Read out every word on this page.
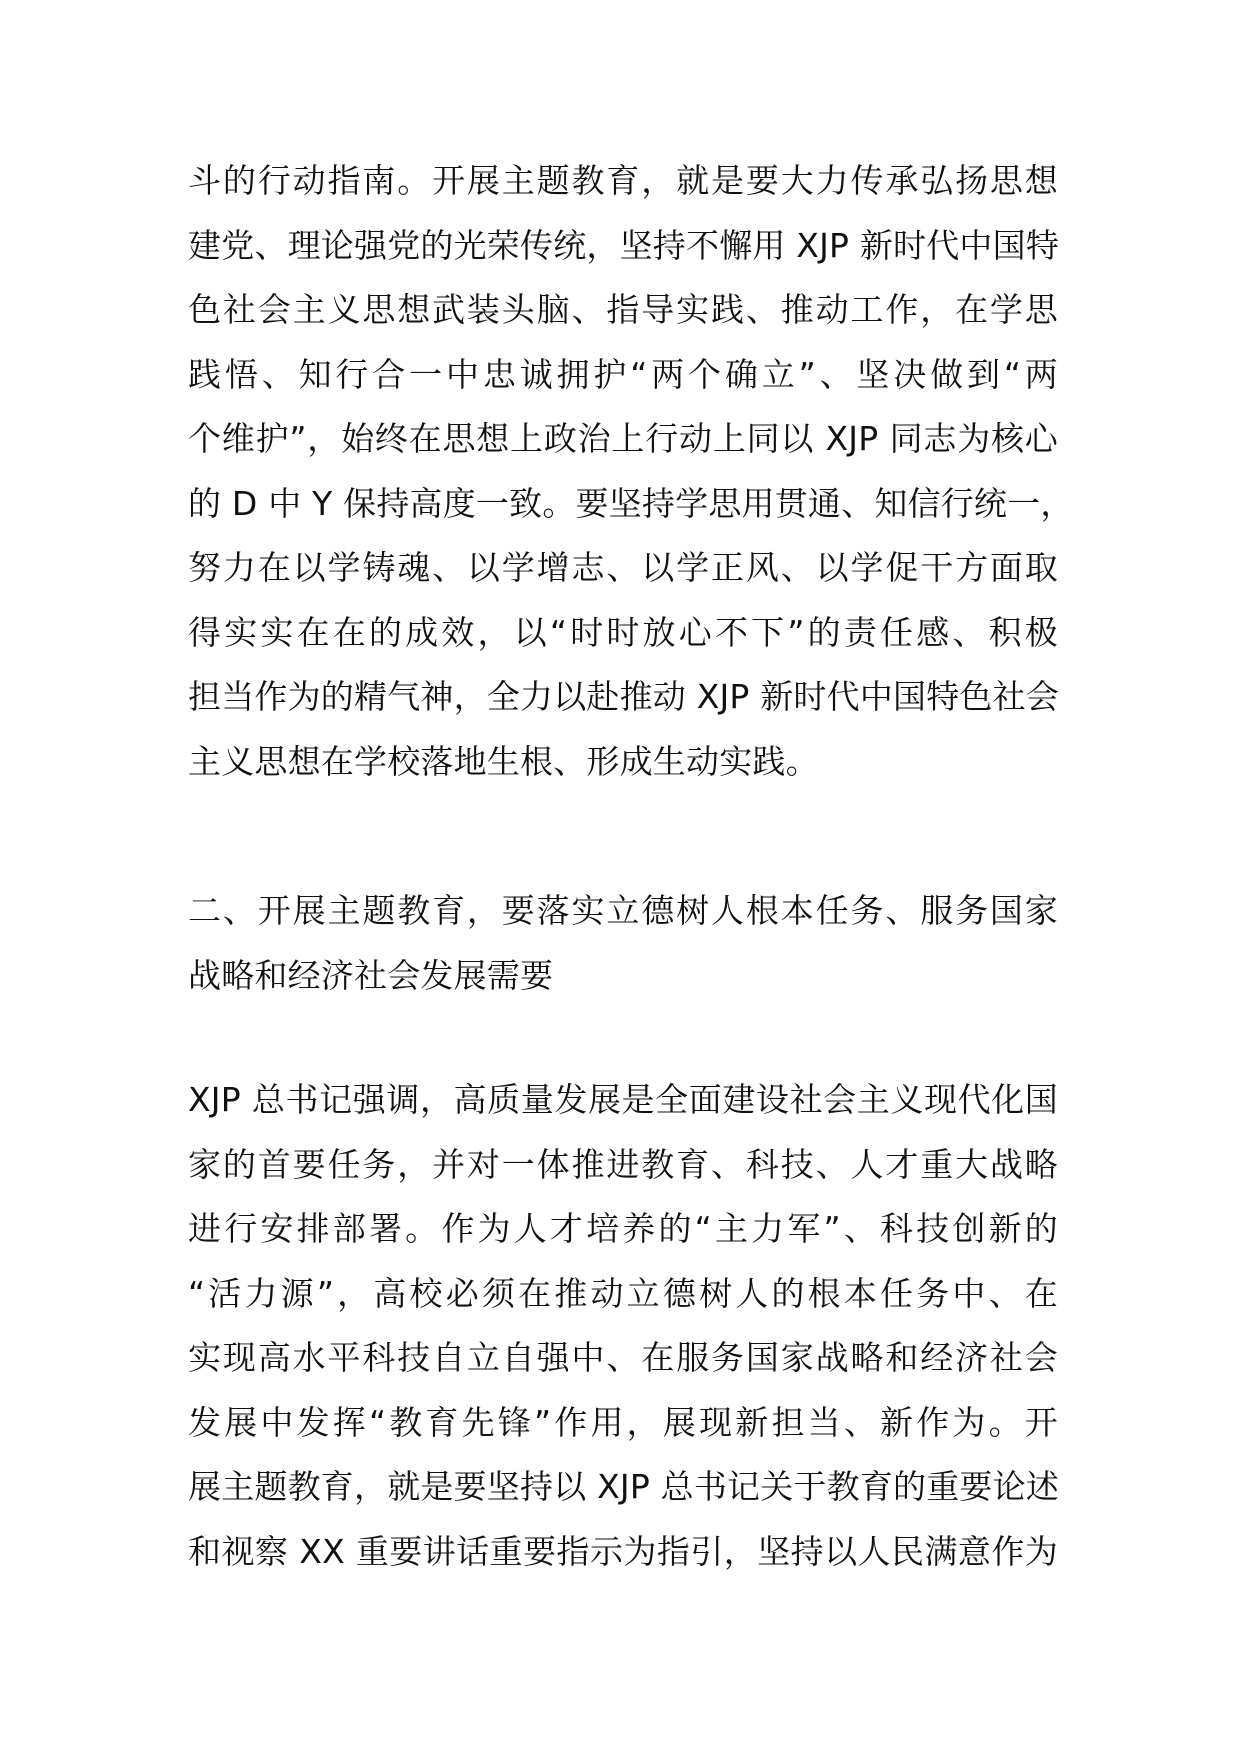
斗的行动指南。开展主题教育，就是要大力传承弘扬思想
建党、理论强党的光荣传统，坚持不懈用 XJP 新时代中国特
色社会主义思想武装头脑、指导实践、推动工作，在学思
践悟、知行合一中忠诚拥护“两个确立”、坚决做到“两
个维护”，始终在思想上政治上行动上同以 XJP 同志为核心
的 D 中 Y 保持高度一致。要坚持学思用贯通、知信行统一，
努力在以学铸魂、以学增志、以学正风、以学促干方面取
得实实在在的成效，以“时时放心不下”的责任感、积极
担当作为的精气神，全力以赴推动 XJP 新时代中国特色社会
主义思想在学校落地生根、形成生动实践。
二、开展主题教育，要落实立德树人根本任务、服务国家
战略和经济社会发展需要
XJP 总书记强调，高质量发展是全面建设社会主义现代化国
家的首要任务，并对一体推进教育、科技、人才重大战略
进行安排部署。作为人才培养的“主力军”、科技创新的
“活力源”，高校必须在推动立德树人的根本任务中、在
实现高水平科技自立自强中、在服务国家战略和经济社会
发展中发挥“教育先锋”作用，展现新担当、新作为。开
展主题教育，就是要坚持以 XJP 总书记关于教育的重要论述
和视察 XX 重要讲话重要指示为指引，坚持以人民满意作为
